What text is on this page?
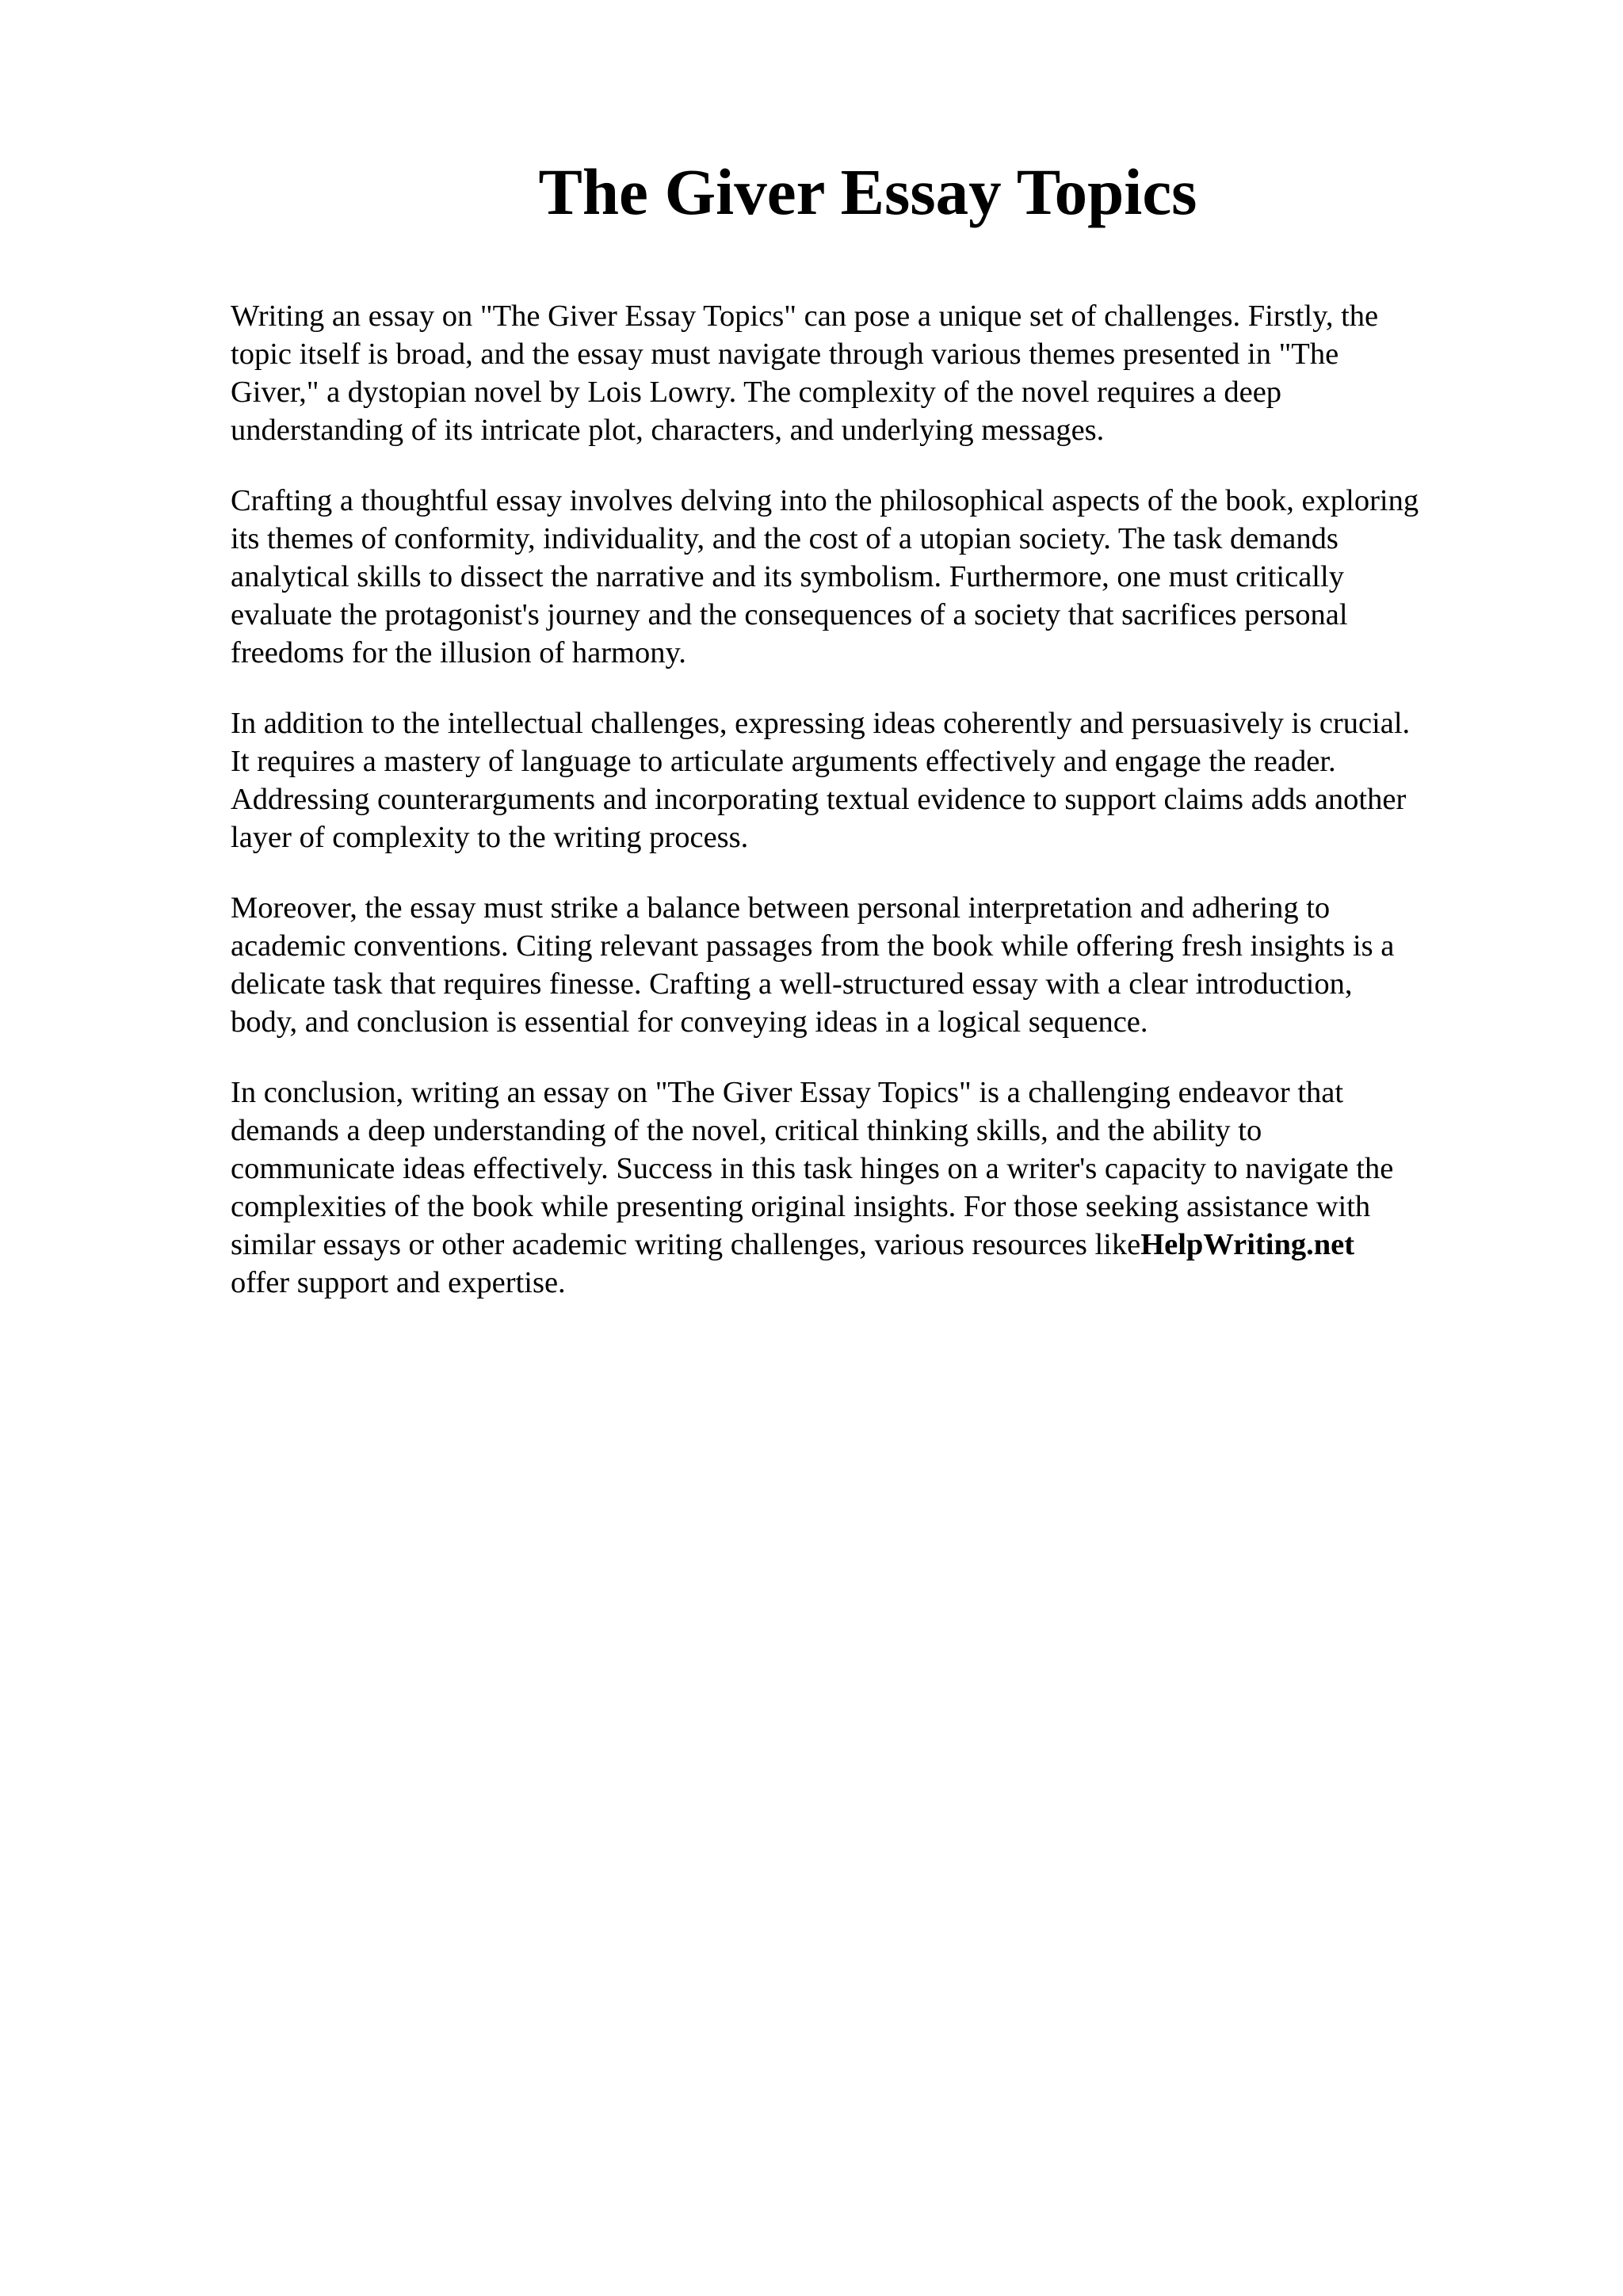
The Giver Essay Topics

Writing an essay on "The Giver Essay Topics" can pose a unique set of challenges. Firstly, the
topic itself is broad, and the essay must navigate through various themes presented in "The
Giver," a dystopian novel by Lois Lowry. The complexity of the novel requires a deep
understanding of its intricate plot, characters, and underlying messages.

Crafting a thoughtful essay involves delving into the philosophical aspects of the book, exploring
its themes of conformity, individuality, and the cost of a utopian society. The task demands
analytical skills to dissect the narrative and its symbolism. Furthermore, one must critically
evaluate the protagonist's journey and the consequences of a society that sacrifices personal
freedoms for the illusion of harmony.

In addition to the intellectual challenges, expressing ideas coherently and persuasively is crucial.
It requires a mastery of language to articulate arguments effectively and engage the reader.
Addressing counterarguments and incorporating textual evidence to support claims adds another
layer of complexity to the writing process.

Moreover, the essay must strike a balance between personal interpretation and adhering to
academic conventions. Citing relevant passages from the book while offering fresh insights is a
delicate task that requires finesse. Crafting a well-structured essay with a clear introduction,
body, and conclusion is essential for conveying ideas in a logical sequence.

In conclusion, writing an essay on "The Giver Essay Topics" is a challenging endeavor that
demands a deep understanding of the novel, critical thinking skills, and the ability to
communicate ideas effectively. Success in this task hinges on a writer's capacity to navigate the
complexities of the book while presenting original insights. For those seeking assistance with
similar essays or other academic writing challenges, various resources likeHelpWriting.net
offer support and expertise.
